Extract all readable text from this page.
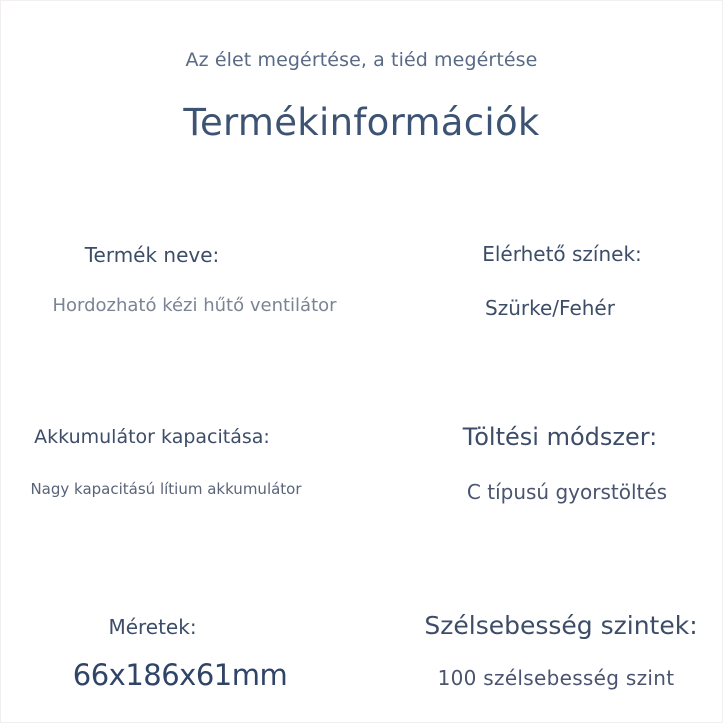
Az élet megértése, a tiéd megértése
Termékinformációk
Termék neve:
Hordozható kézi hűtő ventilátor
Elérhető színek:
Szürke/Fehér
Akkumulátor kapacitása:
Nagy kapacitású lítium akkumulátor
Töltési módszer:
C típusú gyorstöltés
Méretek:
66x186x61mm
Szélsebesség szintek:
100 szélsebesség szint
